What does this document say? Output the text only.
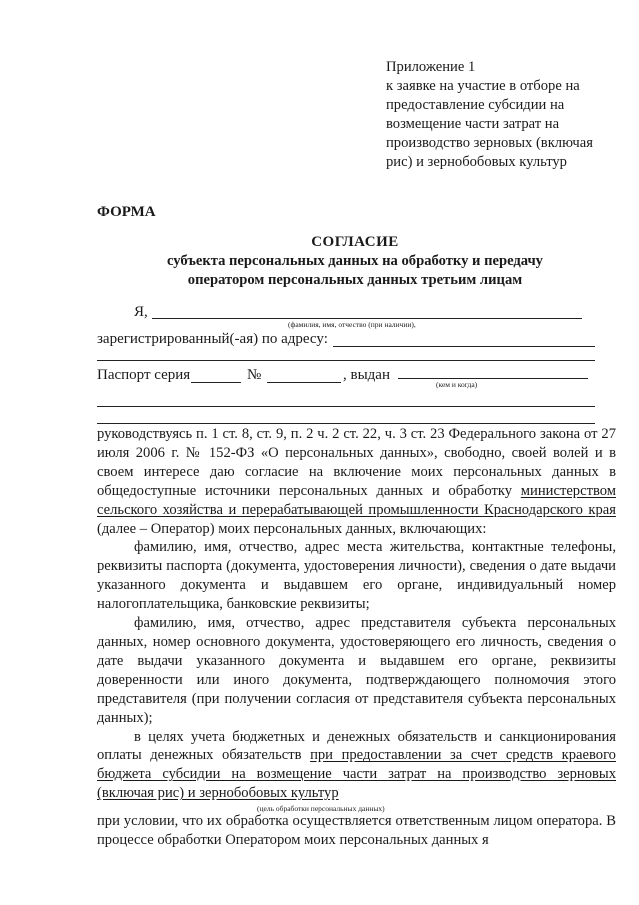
Приложение 1
к заявке на участие в отборе на
предоставление субсидии на
возмещение части затрат на
производство зерновых (включая
рис) и зернобобовых культур
ФОРМА
СОГЛАСИЕ
субъекта персональных данных на обработку и передачу
оператором персональных данных третьим лицам
Я,
(фамилия, имя, отчество (при наличии),
зарегистрированный(-ая) по адресу:
Паспорт серия	№	, выдан
(кем и когда)

руководствуясь п. 1 ст. 8, ст. 9, п. 2 ч. 2 ст. 22, ч. 3 ст. 23 Федерального закона от 27 июля 2006 г. № 152-ФЗ «О персональных данных», свободно, своей волей и в своем интересе даю согласие на включение моих персональных данных в общедоступные источники персональных данных и обработку министерством сельского хозяйства и перерабатывающей промышленности Краснодарского края (далее – Оператор) моих персональных данных, включающих:

фамилию, имя, отчество, адрес места жительства, контактные телефоны, реквизиты паспорта (документа, удостоверения личности), сведения о дате выдачи указанного документа и выдавшем его органе, индивидуальный номер налогоплательщика, банковские реквизиты;

фамилию, имя, отчество, адрес представителя субъекта персональных данных, номер основного документа, удостоверяющего его личность, сведения о дате выдачи указанного документа и выдавшем его органе, реквизиты доверенности или иного документа, подтверждающего полномочия этого представителя (при получении согласия от представителя субъекта персональных данных);

в целях учета бюджетных и денежных обязательств и санкционирования оплаты денежных обязательств при предоставлении за счет средств краевого бюджета субсидии на возмещение части затрат на производство зерновых (включая рис) и зернобобовых культур

(цель обработки персональных данных)

при условии, что их обработка осуществляется ответственным лицом оператора. В процессе обработки Оператором моих персональных данных я
